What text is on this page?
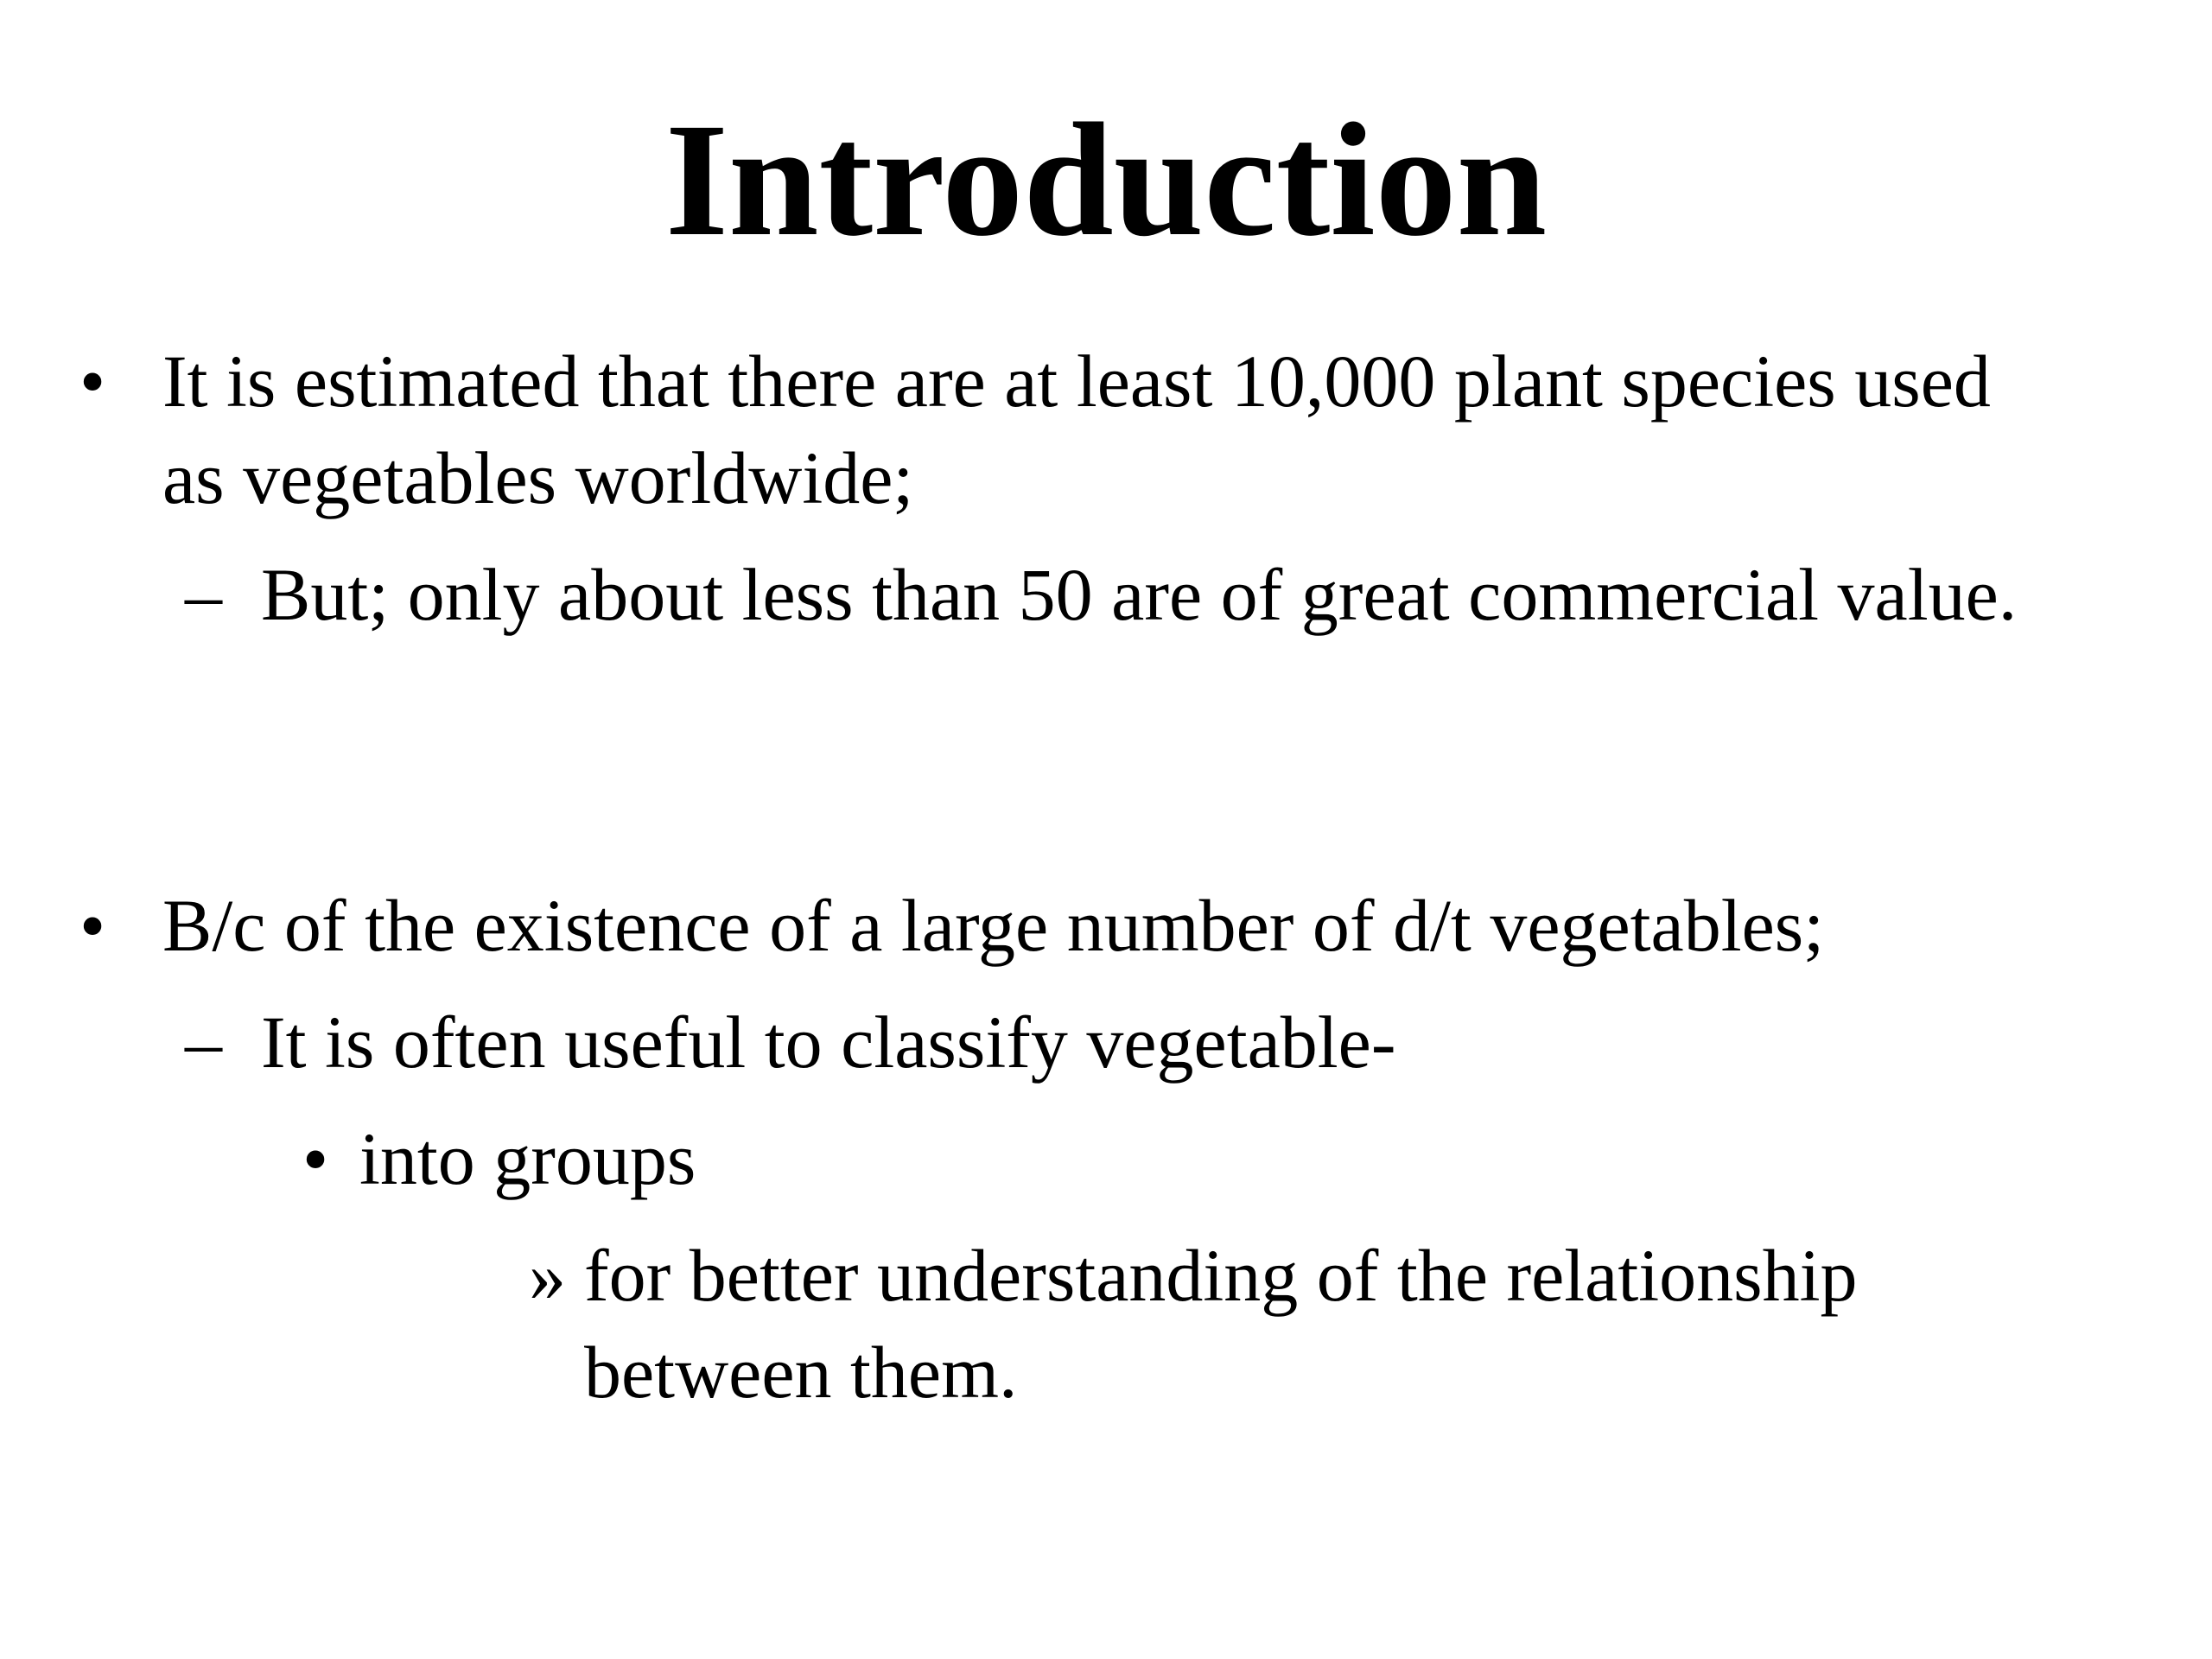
Introduction
• It is estimated that there are at least 10,000 plant species used as vegetables worldwide;
– But; only about less than 50 are of great commercial value.
• B/c of the existence of a large number of d/t vegetables;
– It is often useful to classify vegetable-
• into groups
» for better understanding of the relationship between them.
